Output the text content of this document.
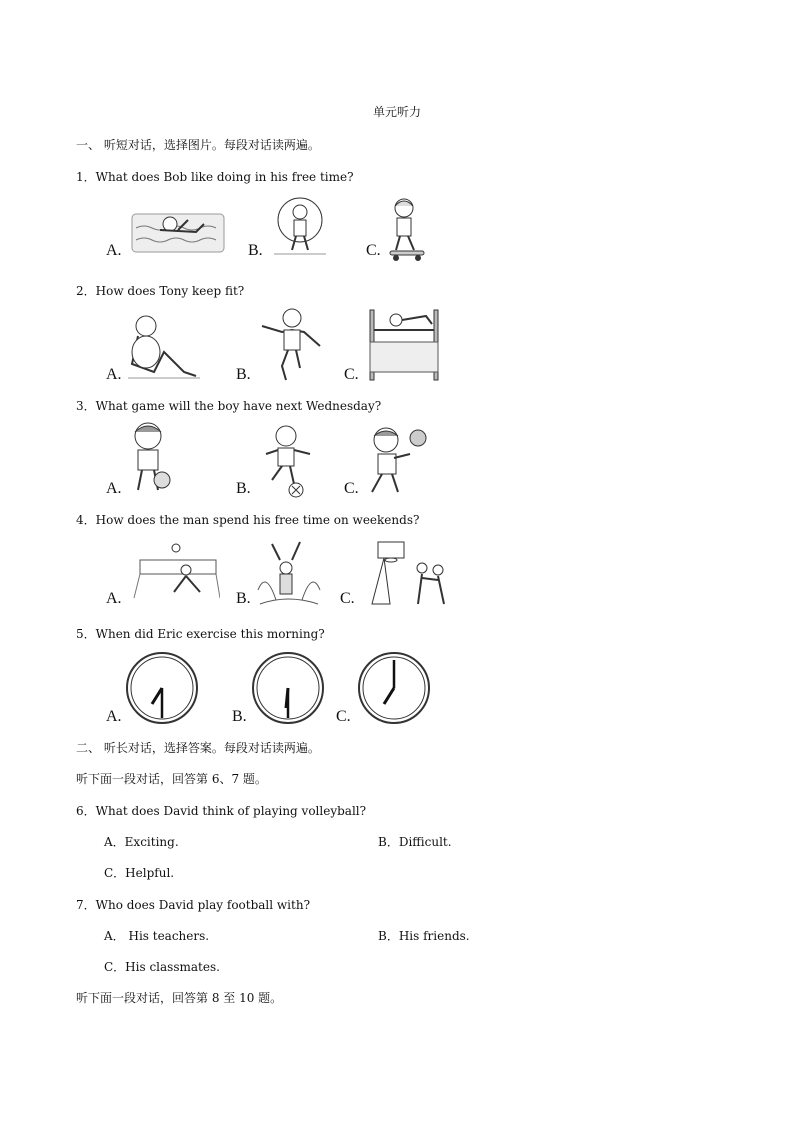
单元听力
一、 听短对话，选择图片。每段对话读两遍。
1．What does Bob like doing in his free time?
A.	B.	C.
2．How does Tony keep fit?
A.	B.	C.
3．What game will the boy have next Wednesday?
A.	B.	C.
4．How does the man spend his free time on weekends?
A.	B.	C.
5．When did Eric exercise this morning?
A.	B.	C.
二、 听长对话，选择答案。每段对话读两遍。
听下面一段对话，回答第 6、7 题。
6．What does David think of playing volleyball?
A．Exciting.	B．Difficult.
C．Helpful.
7．Who does David play football with?
A． His teachers.	B．His friends.
C．His classmates.
听下面一段对话，回答第 8 至 10 题。
